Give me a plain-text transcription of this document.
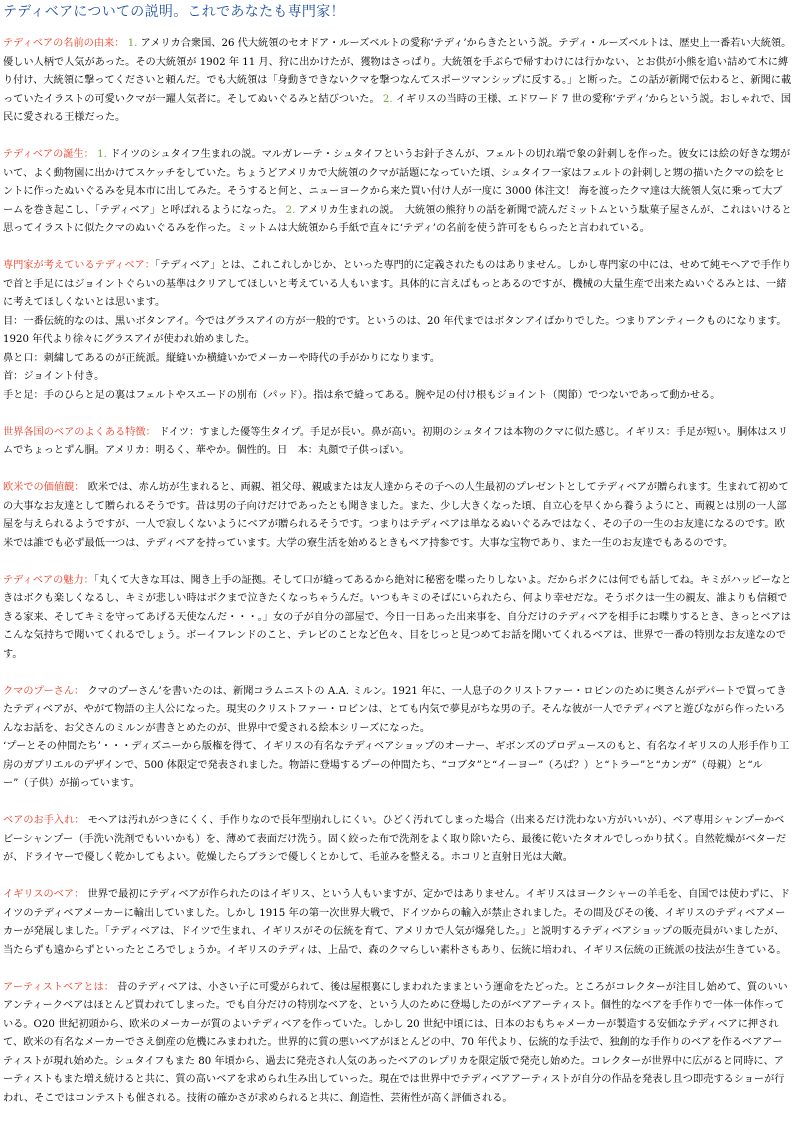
テディベアについての説明。これであなたも専門家！

テディベアの名前の由来： 1. アメリカ合衆国、26 代大統領のセオドア・ルーズベルトの愛称‘テディ’からきたという説。テディ・ルーズベルトは、歴史上一番若い大統領。優しい人柄で人気があった。その大統領が 1902 年 11 月、狩に出かけたが、獲物はさっぱり。大統領を手ぶらで帰すわけには行かない、とお供が小熊を追い詰めて木に縛り付け、大統領に撃ってくださいと頼んだ。でも大統領は「身動きできないクマを撃つなんてスポーツマンシップに反する。」と断った。この話が新聞で伝わると、新聞に載っていたイラストの可愛いクマが一躍人気者に。そしてぬいぐるみと結びついた。 2. イギリスの当時の王様、エドワード 7 世の愛称‘テディ’からという説。おしゃれで、国民に愛される王様だった。

テディベアの誕生： 1. ドイツのシュタイフ生まれの説。マルガレーテ・シュタイフというお針子さんが、フェルトの切れ端で象の針刺しを作った。彼女には絵の好きな甥がいて、よく動物園に出かけてスケッチをしていた。ちょうどアメリカで大統領のクマが話題になっていた頃、シュタイフ一家はフェルトの針刺しと甥の描いたクマの絵をヒントに作ったぬいぐるみを見本市に出してみた。そうすると何と、ニューヨークから来た買い付け人が一度に 3000 体注文！ 海を渡ったクマ達は大統領人気に乗って大ブームを巻き起こし、「テディベア」と呼ばれるようになった。 2. アメリカ生まれの説。　大統領の熊狩りの話を新聞で読んだミットムという駄菓子屋さんが、これはいけると思ってイラストに似たクマのぬいぐるみを作った。ミットムは大統領から手紙で直々に‘テディ’の名前を使う許可をもらったと言われている。

専門家が考えているテディベア：「テディベア」とは、これこれしかじか、といった専門的に定義されたものはありません。しかし専門家の中には、せめて純モヘアで手作りで首と手足にはジョイントぐらいの基準はクリアしてほしいと考えている人もいます。具体的に言えばもっとあるのですが、機械の大量生産で出来たぬいぐるみとは、一緒に考えてほしくないとは思います。
目：一番伝統的なのは、黒いボタンアイ。今ではグラスアイの方が一般的です。というのは、20 年代まではボタンアイばかりでした。つまりアンティークものになります。1920 年代より徐々にグラスアイが使われ始めました。
鼻と口：刺繍してあるのが正統派。縦縫いか横縫いかでメーカーや時代の手がかりになります。
首：ジョイント付き。
手と足：手のひらと足の裏はフェルトやスエードの別布（パッド）。指は糸で縫ってある。腕や足の付け根もジョイント（関節）でつないであって動かせる。

世界各国のベアのよくある特徴： ドイツ：すました優等生タイプ。手足が長い。鼻が高い。初期のシュタイフは本物のクマに似た感じ。イギリス：手足が短い。胴体はスリムでちょっとずん胴。アメリカ：明るく、華やか。個性的。日　本：丸顔で子供っぽい。

欧米での価値観： 欧米では、赤ん坊が生まれると、両親、祖父母、親戚または友人達からその子への人生最初のプレゼントとしてテディベアが贈られます。生まれて初めての大事なお友達として贈られるそうです。昔は男の子向けだけであったとも聞きました。また、少し大きくなった頃、自立心を早くから養うようにと、両親とは別の一人部屋を与えられるようですが、一人で寂しくないようにベアが贈られるそうです。つまりはテディベアは単なるぬいぐるみではなく、その子の一生のお友達になるのです。欧米では誰でも必ず最低一つは、テディベアを持っています。大学の寮生活を始めるときもベア持参です。大事な宝物であり、また一生のお友達でもあるのです。

テディベアの魅力：「丸くて大きな耳は、聞き上手の証拠。そして口が縫ってあるから絶対に秘密を喋ったりしないよ。だからボクには何でも話してね。キミがハッピーなときはボクも楽しくなるし、キミが悲しい時はボクまで泣きたくなっちゃうんだ。いつもキミのそばにいられたら、何より幸せだな。そうボクは一生の親友、誰よりも信頼できる家来、そしてキミを守ってあげる天使なんだ・・・。」女の子が自分の部屋で、今日一日あった出来事を、自分だけのテディベアを相手にお喋りするとき、きっとベアはこんな気持ちで聞いてくれるでしょう。ボーイフレンドのこと、テレビのことなど色々、目をじっと見つめてお話を聞いてくれるベアは、世界で一番の特別なお友達なのです。

クマのプーさん： クマのプーさん’を書いたのは、新聞コラムニストの A.A. ミルン。1921 年に、一人息子のクリストファー・ロビンのために奥さんがデパートで買ってきたテディベアが、やがて物語の主人公になった。現実のクリストファー・ロビンは、とても内気で夢見がちな男の子。そんな彼が一人でテディベアと遊びながら作ったいろんなお話を、お父さんのミルンが書きとめたのが、世界中で愛される絵本シリーズになった。
‘プーとその仲間たち’・・・ディズニーから版権を得て、イギリスの有名なテディベアショップのオーナー、ギボンズのプロデュースのもと、有名なイギリスの人形手作り工房のガブリエルのデザインで、500 体限定で発表されました。物語に登場するプーの仲間たち、“コブタ”と“イーヨー”（ろば？）と“トラー”と“カンガ”（母親）と“ルー”（子供）が揃っています。

ベアのお手入れ： モヘアは汚れがつきにくく、手作りなので長年型崩れしにくい。ひどく汚れてしまった場合（出来るだけ洗わない方がいいが）、ベア専用シャンプーかベビーシャンプー（手洗い洗剤でもいいかも）を、薄めて表面だけ洗う。固く絞った布で洗剤をよく取り除いたら、最後に乾いたタオルでしっかり拭く。自然乾燥がベターだが、ドライヤーで優しく乾かしてもよい。乾燥したらブラシで優しくとかして、毛並みを整える。ホコリと直射日光は大敵。

イギリスのベア： 世界で最初にテディベアが作られたのはイギリス、という人もいますが、定かではありません。イギリスはヨークシャーの羊毛を、自国では使わずに、ドイツのテディベアメーカーに輸出していました。しかし 1915 年の第一次世界大戦で、ドイツからの輸入が禁止されました。その間及びその後、イギリスのテディベアメーカーが発展しました。「テディベアは、ドイツで生まれ、イギリスがその伝統を育て、アメリカで人気が爆発した。」と説明するテディベアショップの販売員がいましたが、当たらずも遠からずといったところでしょうか。イギリスのテディは、上品で、森のクマらしい素朴さもあり、伝統に培われ、イギリス伝統の正統派の技法が生きている。

アーティストベアとは： 昔のテディベアは、小さい子に可愛がられて、後は屋根裏にしまわれたままという運命をたどった。ところがコレクターが注目し始めて、質のいいアンティークベアはほとんど買われてしまった。でも自分だけの特別なベアを、という人のために登場したのがベアアーティスト。個性的なベアを手作りで一体一体作っている。O20 世紀初頭から、欧米のメーカーが質のよいテディベアを作っていた。しかし 20 世紀中頃には、日本のおもちゃメーカーが製造する安価なテディベアに押されて、欧米の有名なメーカーでさえ倒産の危機にみまわれた。世界的に質の悪いベアがほとんどの中、70 年代より、伝統的な手法で、独創的な手作りのベアを作るベアアーティストが現れ始めた。シュタイフもまた 80 年頃から、過去に発売され人気のあったベアのレプリカを限定版で発売し始めた。コレクターが世界中に広がると同時に、アーティストもまた増え続けると共に、質の高いベアを求められ生み出していった。現在では世界中でテディベアアーティストが自分の作品を発表し且つ即売するショーが行われ、そこではコンテストも催される。技術の確かさが求められると共に、創造性、芸術性が高く評価される。
